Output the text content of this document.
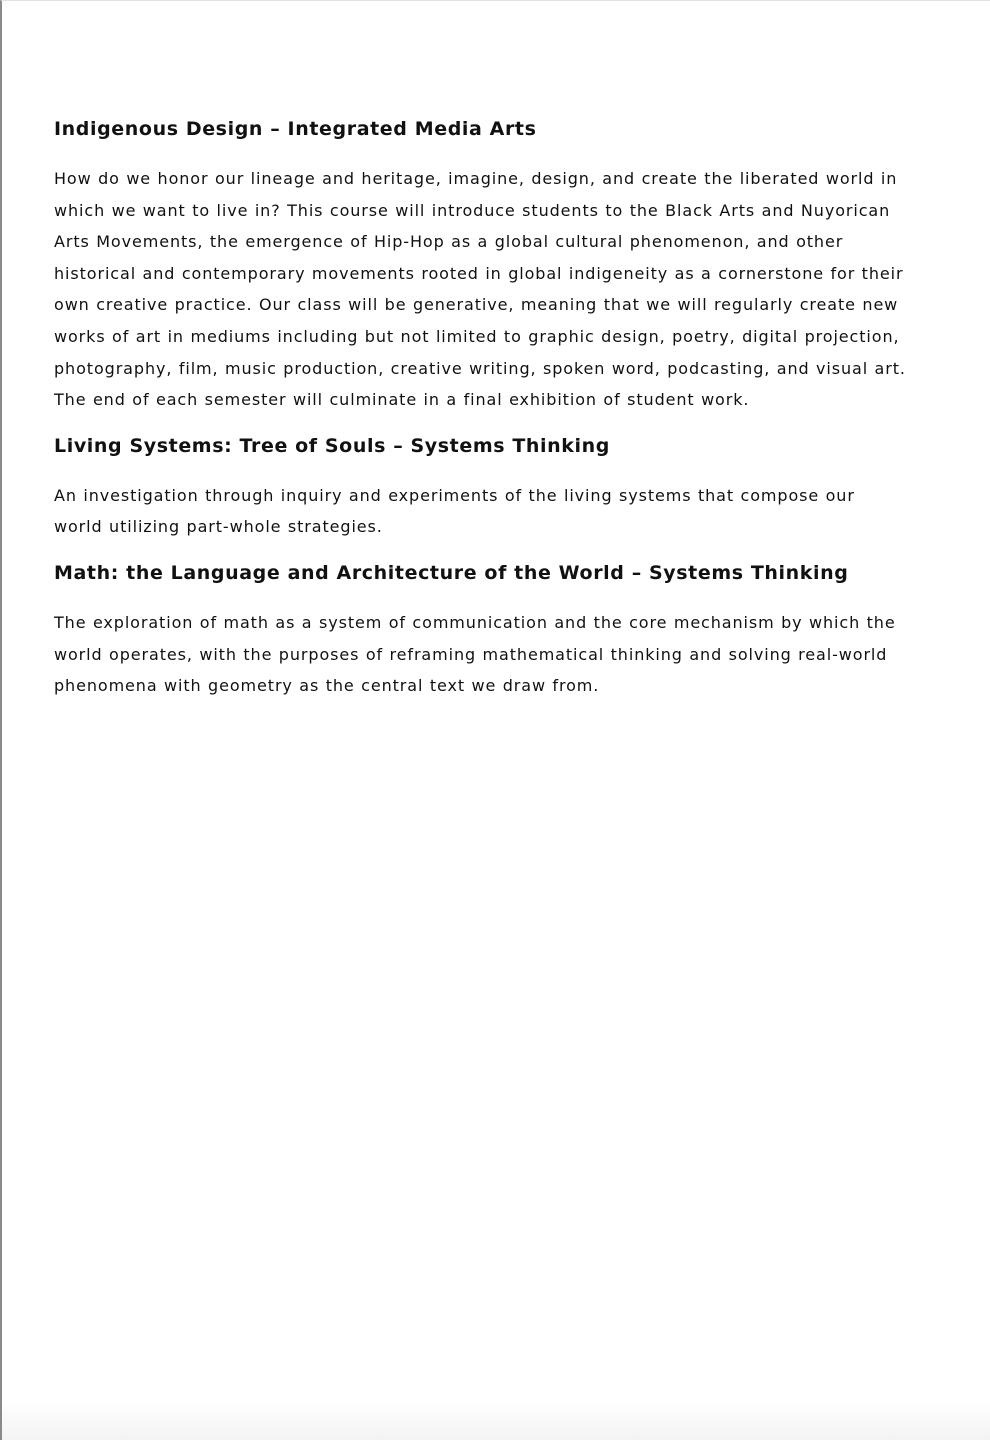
Indigenous Design – Integrated Media Arts

How do we honor our lineage and heritage, imagine, design, and create the liberated world in
which we want to live in? This course will introduce students to the Black Arts and Nuyorican
Arts Movements, the emergence of Hip-Hop as a global cultural phenomenon, and other
historical and contemporary movements rooted in global indigeneity as a cornerstone for their
own creative practice. Our class will be generative, meaning that we will regularly create new
works of art in mediums including but not limited to graphic design, poetry, digital projection,
photography, film, music production, creative writing, spoken word, podcasting, and visual art.
The end of each semester will culminate in a final exhibition of student work.

Living Systems: Tree of Souls – Systems Thinking

An investigation through inquiry and experiments of the living systems that compose our
world utilizing part-whole strategies.

Math: the Language and Architecture of the World – Systems Thinking

The exploration of math as a system of communication and the core mechanism by which the
world operates, with the purposes of reframing mathematical thinking and solving real-world
phenomena with geometry as the central text we draw from.
